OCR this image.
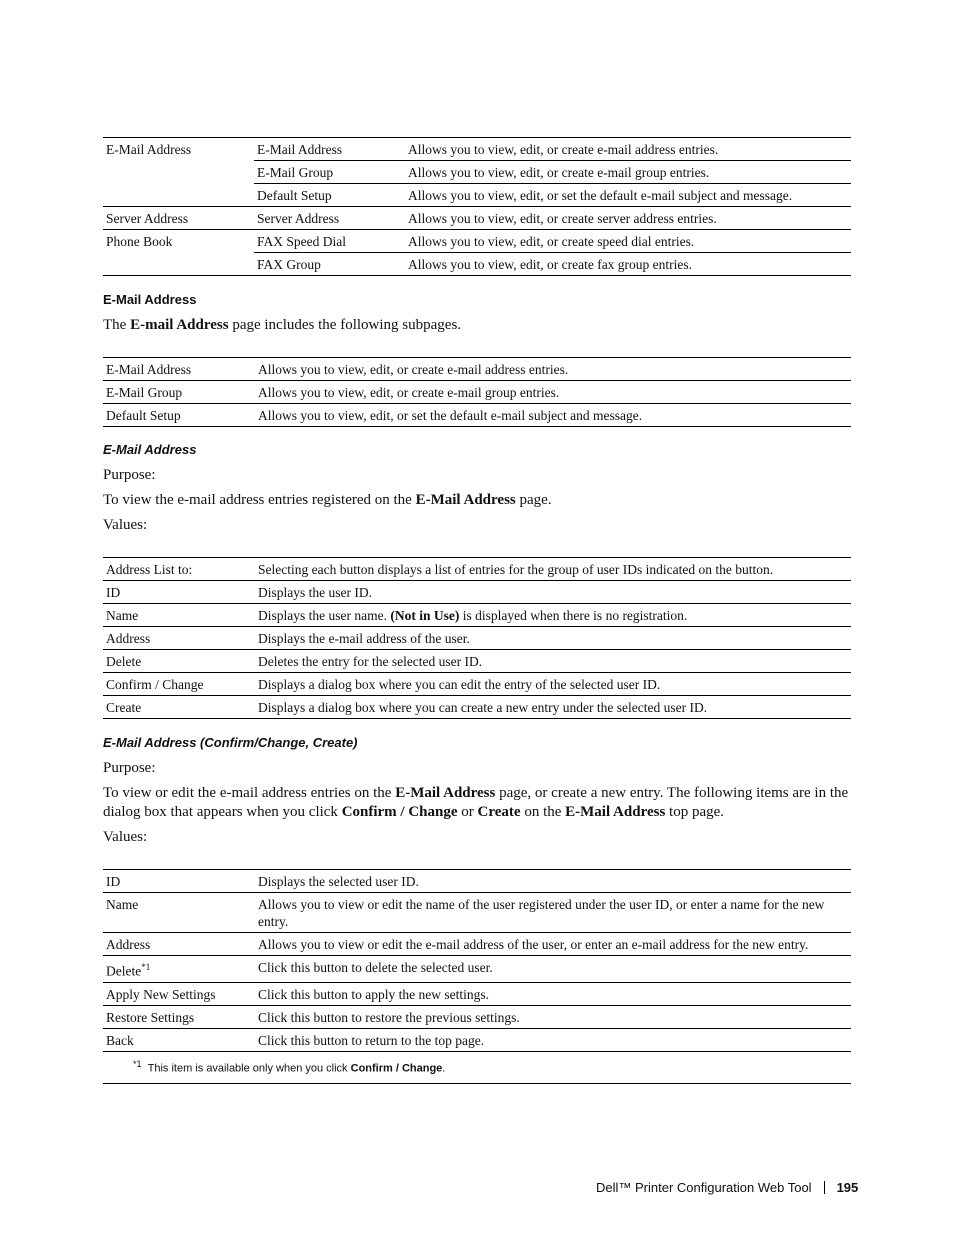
E-Mail Address	E-Mail Address	Allows you to view, edit, or create e-mail address entries.
	E-Mail Group	Allows you to view, edit, or create e-mail group entries.
	Default Setup	Allows you to view, edit, or set the default e-mail subject and message.
Server Address	Server Address	Allows you to view, edit, or create server address entries.
Phone Book	FAX Speed Dial	Allows you to view, edit, or create speed dial entries.
	FAX Group	Allows you to view, edit, or create fax group entries.
E-Mail Address
The E-mail Address page includes the following subpages.
E-Mail Address	Allows you to view, edit, or create e-mail address entries.
E-Mail Group	Allows you to view, edit, or create e-mail group entries.
Default Setup	Allows you to view, edit, or set the default e-mail subject and message.
E-Mail Address
Purpose:
To view the e-mail address entries registered on the E-Mail Address page.
Values:
Address List to:	Selecting each button displays a list of entries for the group of user IDs indicated on the button.
ID	Displays the user ID.
Name	Displays the user name. (Not in Use) is displayed when there is no registration.
Address	Displays the e-mail address of the user.
Delete	Deletes the entry for the selected user ID.
Confirm / Change	Displays a dialog box where you can edit the entry of the selected user ID.
Create	Displays a dialog box where you can create a new entry under the selected user ID.
E-Mail Address (Confirm/Change, Create)
Purpose:
To view or edit the e-mail address entries on the E-Mail Address page, or create a new entry. The following items are in the dialog box that appears when you click Confirm / Change or Create on the E-Mail Address top page.
Values:
ID	Displays the selected user ID.
Name	Allows you to view or edit the name of the user registered under the user ID, or enter a name for the new entry.
Address	Allows you to view or edit the e-mail address of the user, or enter an e-mail address for the new entry.
Delete$^{*1}$	Click this button to delete the selected user.
Apply New Settings	Click this button to apply the new settings.
Restore Settings	Click this button to restore the previous settings.
Back	Click this button to return to the top page.
$^{*1}$ This item is available only when you click Confirm / Change.	
Dell™ Printer Configuration Web Tool 195
